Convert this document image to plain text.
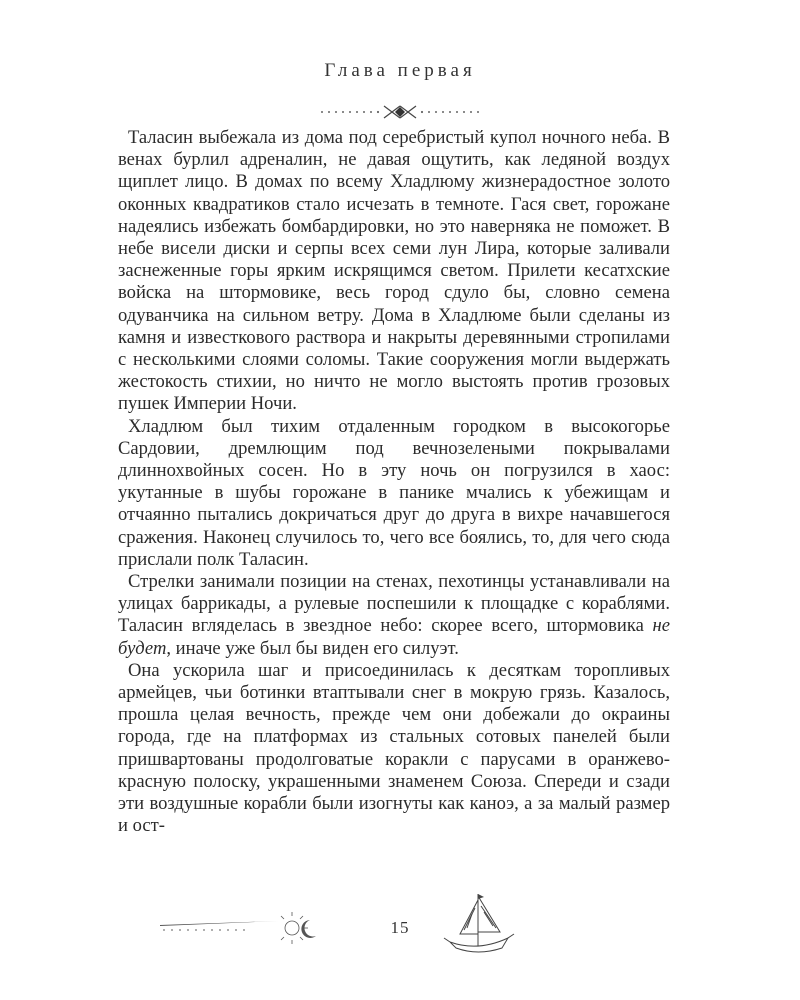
Глава первая

Таласин выбежала из дома под серебристый купол ночного неба. В венах бурлил адреналин, не давая ощутить, как ледяной воздух щиплет лицо. В домах по всему Хладлюму жизнерадостное золото оконных квадратиков стало исчезать в темноте. Гася свет, горожане надеялись избежать бомбардировки, но это наверняка не поможет. В небе висели диски и серпы всех семи лун Лира, которые заливали заснеженные горы ярким искрящимся светом. Прилети кесатхские войска на штормовике, весь город сдуло бы, словно семена одуванчика на сильном ветру. Дома в Хладлюме были сделаны из камня и известкового раствора и накрыты деревянными стропилами с несколькими слоями соломы. Такие сооружения могли выдержать жестокость стихии, но ничто не могло выстоять против грозовых пушек Империи Ночи.

Хладлюм был тихим отдаленным городком в высокогорье Сардовии, дремлющим под вечнозелеными покрывалами длиннохвойных сосен. Но в эту ночь он погрузился в хаос: укутанные в шубы горожане в панике мчались к убежищам и отчаянно пытались докричаться друг до друга в вихре начавшегося сражения. Наконец случилось то, чего все боялись, то, для чего сюда прислали полк Таласин.

Стрелки занимали позиции на стенах, пехотинцы устанавливали на улицах баррикады, а рулевые поспешили к площадке с кораблями. Таласин вгляделась в звездное небо: скорее всего, штормовика не будет, иначе уже был бы виден его силуэт.

Она ускорила шаг и присоединилась к десяткам торопливых армейцев, чьи ботинки втаптывали снег в мокрую грязь. Казалось, прошла целая вечность, прежде чем они добежали до окраины города, где на платформах из стальных сотовых панелей были пришвартованы продолговатые коракли с парусами в оранжево-красную полоску, украшенными знаменем Союза. Спереди и сзади эти воздушные корабли были изогнуты как каноэ, а за малый размер и ост-

15
